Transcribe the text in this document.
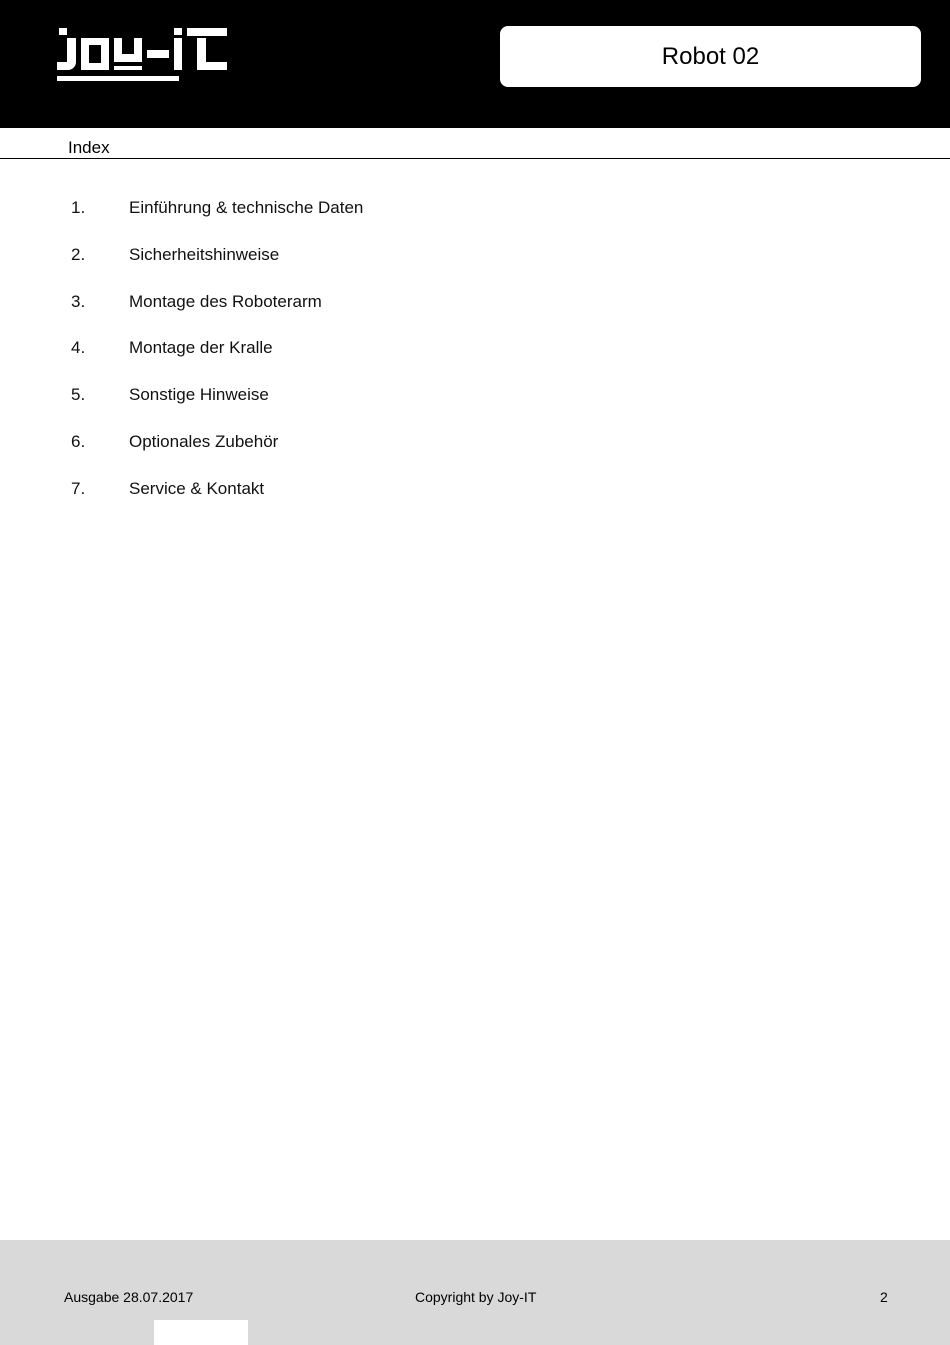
Robot 02
Index
1.	Einführung & technische Daten
2.	Sicherheitshinweise
3.	Montage des Roboterarm
4.	Montage der Kralle
5.	Sonstige Hinweise
6.	Optionales Zubehör
7.	Service & Kontakt
Ausgabe 28.07.2017	Copyright by Joy-IT	2
